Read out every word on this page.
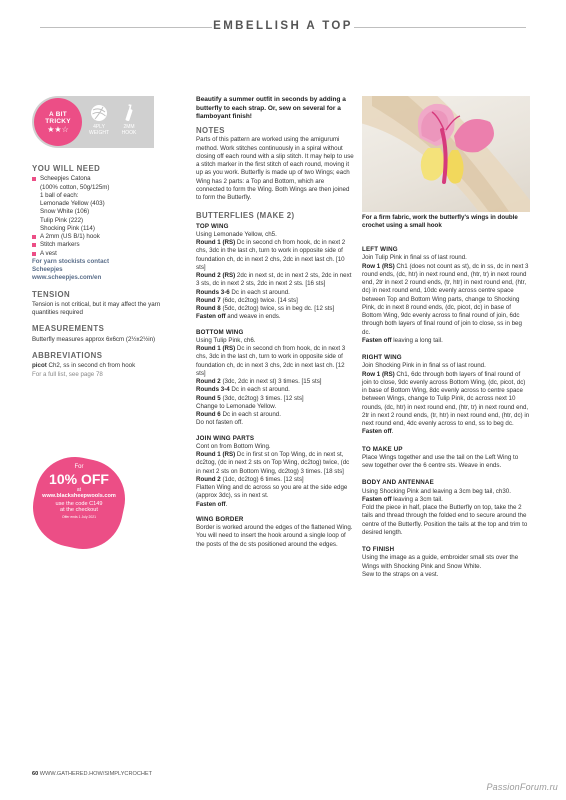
EMBELLISH A TOP
A BIT
TRICKY
★★☆	4PLY
WEIGHT
2MM
HOOK
YOU WILL NEED
Scheepjes Catona
(100% cotton, 50g/125m)
1 ball of each:
Lemonade Yellow (403)
Snow White (106)
Tulip Pink (222)
Shocking Pink (114)
A 2mm (US B/1) hook
Stitch markers
A vest
For yarn stockists contact
Scheepjes
www.scheepjes.com/en
TENSION

Tension is not critical, but it may affect the yarn quantities required

MEASUREMENTS

Butterfly measures approx 6x6cm (2½x2½in)

ABBREVIATIONS

picot Ch2, ss in second ch from hook

For a full list, see page 78

For
10% OFF
at
www.blacksheepwools.com
use the code C149
at the checkout
Offer ends 1 July 2021

Beautify a summer outfit in seconds by adding a butterfly to each strap. Or, sew on several for a flamboyant finish!

NOTES

Parts of this pattern are worked using the amigurumi method. Work stitches continuously in a spiral without closing off each round with a slip stitch. It may help to use a stitch marker in the first stitch of each round, moving it up as you work. Butterfly is made up of two Wings; each Wing has 2 parts: a Top and Bottom, which are connected to form the Wing. Both Wings are then joined to form the Butterfly.

BUTTERFLIES (MAKE 2)
TOP WING

Using Lemonade Yellow, ch5.

Round 1 (RS) Dc in second ch from hook, dc in next 2 chs, 3dc in the last ch, turn to work in opposite side of foundation ch, dc in next 2 chs, 2dc in next last ch. [10 sts]

Round 2 (RS) 2dc in next st, dc in next 2 sts, 2dc in next 3 sts, dc in next 2 sts, 2dc in next 2 sts. [16 sts]

Rounds 3-6 Dc in each st around.

Round 7 (6dc, dc2tog) twice. [14 sts]

Round 8 (5dc, dc2tog) twice, ss in beg dc. [12 sts]

Fasten off and weave in ends.

BOTTOM WING

Using Tulip Pink, ch6.

Round 1 (RS) Dc in second ch from hook, dc in next 3 chs, 3dc in the last ch, turn to work in opposite side of foundation ch, dc in next 3 chs, 2dc in next last ch. [12 sts]

Round 2 (3dc, 2dc in next st) 3 times. [15 sts]

Rounds 3-4 Dc in each st around.

Round 5 (3dc, dc2tog) 3 times. [12 sts]

Change to Lemonade Yellow.

Round 6 Dc in each st around.

Do not fasten off.

JOIN WING PARTS

Cont on from Bottom Wing.

Round 1 (RS) Dc in first st on Top Wing, dc in next st, dc2tog, (dc in next 2 sts on Top Wing, dc2tog) twice, (dc in next 2 sts on Bottom Wing, dc2tog) 3 times. [18 sts]

Round 2 (1dc, dc2tog) 6 times. [12 sts]

Flatten Wing and dc across so you are at the side edge (approx 3dc), ss in next st.

Fasten off.

WING BORDER

Border is worked around the edges of the flattened Wing. You will need to insert the hook around a single loop of the posts of the dc sts positioned around the edges.

For a firm fabric, work the butterfly's wings in double crochet using a small hook
LEFT WING

Join Tulip Pink in final ss of last round.

Row 1 (RS) Ch1 (does not count as st), dc in ss, dc in next 3 round ends, (dc, htr) in next round end, (htr, tr) in next round end, 2tr in next 2 round ends, (tr, htr) in next round end, (htr, dc) in next round end, 10dc evenly across centre space between Top and Bottom Wing parts, change to Shocking Pink, dc in next 8 round ends, (dc, picot, dc) in base of Bottom Wing, 9dc evenly across to final round of join, 6dc through both layers of final round of join to close, ss in beg dc.

Fasten off leaving a long tail.

RIGHT WING

Join Shocking Pink in in final ss of last round.

Row 1 (RS) Ch1, 6dc through both layers of final round of join to close, 9dc evenly across Bottom Wing, (dc, picot, dc) in base of Bottom Wing, 8dc evenly across to centre space between Wings, change to Tulip Pink, dc across next 10 rounds, (dc, htr) in next round end, (htr, tr) in next round end, 2tr in next 2 round ends, (tr, htr) in next round end, (htr, dc) in next round end, 4dc evenly across to end, ss to beg dc.

Fasten off.

TO MAKE UP

Place Wings together and use the tail on the Left Wing to sew together over the 6 centre sts. Weave in ends.

BODY AND ANTENNAE

Using Shocking Pink and leaving a 3cm beg tail, ch30.

Fasten off leaving a 3cm tail.

Fold the piece in half, place the Butterfly on top, take the 2 tails and thread through the folded end to secure around the centre of the Butterfly. Position the tails at the top and trim to desired length.

TO FINISH

Using the image as a guide, embroider small sts over the Wings with Shocking Pink and Snow White.

Sew to the straps on a vest.

60 WWW.GATHERED.HOW/SIMPLYCROCHET
PassionForum.ru
